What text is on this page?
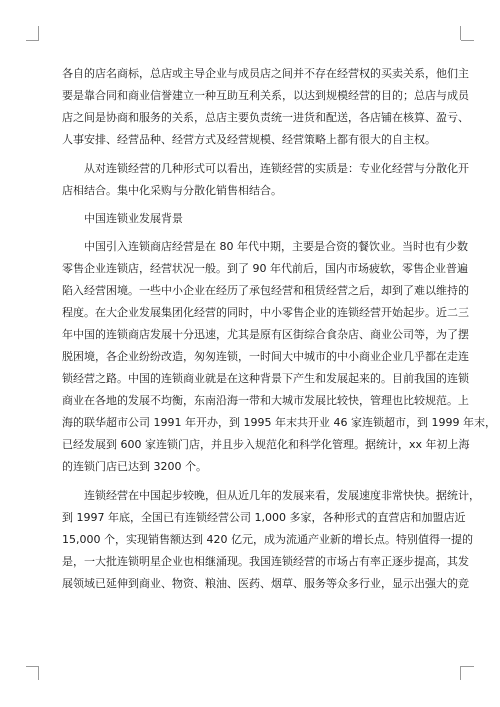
各自的店名商标，总店或主导企业与成员店之间并不存在经营权的买卖关系，他们主
要是靠合同和商业信誉建立一种互助互利关系，以达到规模经营的目的；总店与成员
店之间是协商和服务的关系，总店主要负责统一进货和配送，各店铺在核算、盈亏、
人事安排、经营品种、经营方式及经营规模、经营策略上都有很大的自主权。
从对连锁经营的几种形式可以看出，连锁经营的实质是：专业化经营与分散化开
店相结合。集中化采购与分散化销售相结合。
中国连锁业发展背景
中国引入连锁商店经营是在 80 年代中期，主要是合资的餐饮业。当时也有少数
零售企业连锁店，经营状况一般。到了 90 年代前后，国内市场疲软，零售企业普遍
陷入经营困境。一些中小企业在经历了承包经营和租赁经营之后，却到了难以维持的
程度。在大企业发展集团化经营的同时，中小零售企业的连锁经营开始起步。近二三
年中国的连锁商店发展十分迅速，尤其是原有区街综合食杂店、商业公司等，为了摆
脱困境，各企业纷纷改造，匆匆连锁，一时间大中城市的中小商业企业几乎都在走连
锁经营之路。中国的连锁商业就是在这种背景下产生和发展起来的。目前我国的连锁
商业在各地的发展不均衡，东南沿海一带和大城市发展比较快，管理也比较规范。上
海的联华超市公司 1991 年开办，到 1995 年末共开业 46 家连锁超市，到 1999 年末，
已经发展到 600 家连锁门店，并且步入规范化和科学化管理。据统计，xx 年初上海
的连锁门店已达到 3200 个。
连锁经营在中国起步较晚，但从近几年的发展来看，发展速度非常快快。据统计，
到 1997 年底，全国已有连锁经营公司 1,000 多家，各种形式的直营店和加盟店近
15,000 个，实现销售额达到 420 亿元，成为流通产业新的增长点。特别值得一提的
是，一大批连锁明星企业也相继涌现。我国连锁经营的市场占有率正逐步提高，其发
展领域已延伸到商业、物资、粮油、医药、烟草、服务等众多行业，显示出强大的竞
